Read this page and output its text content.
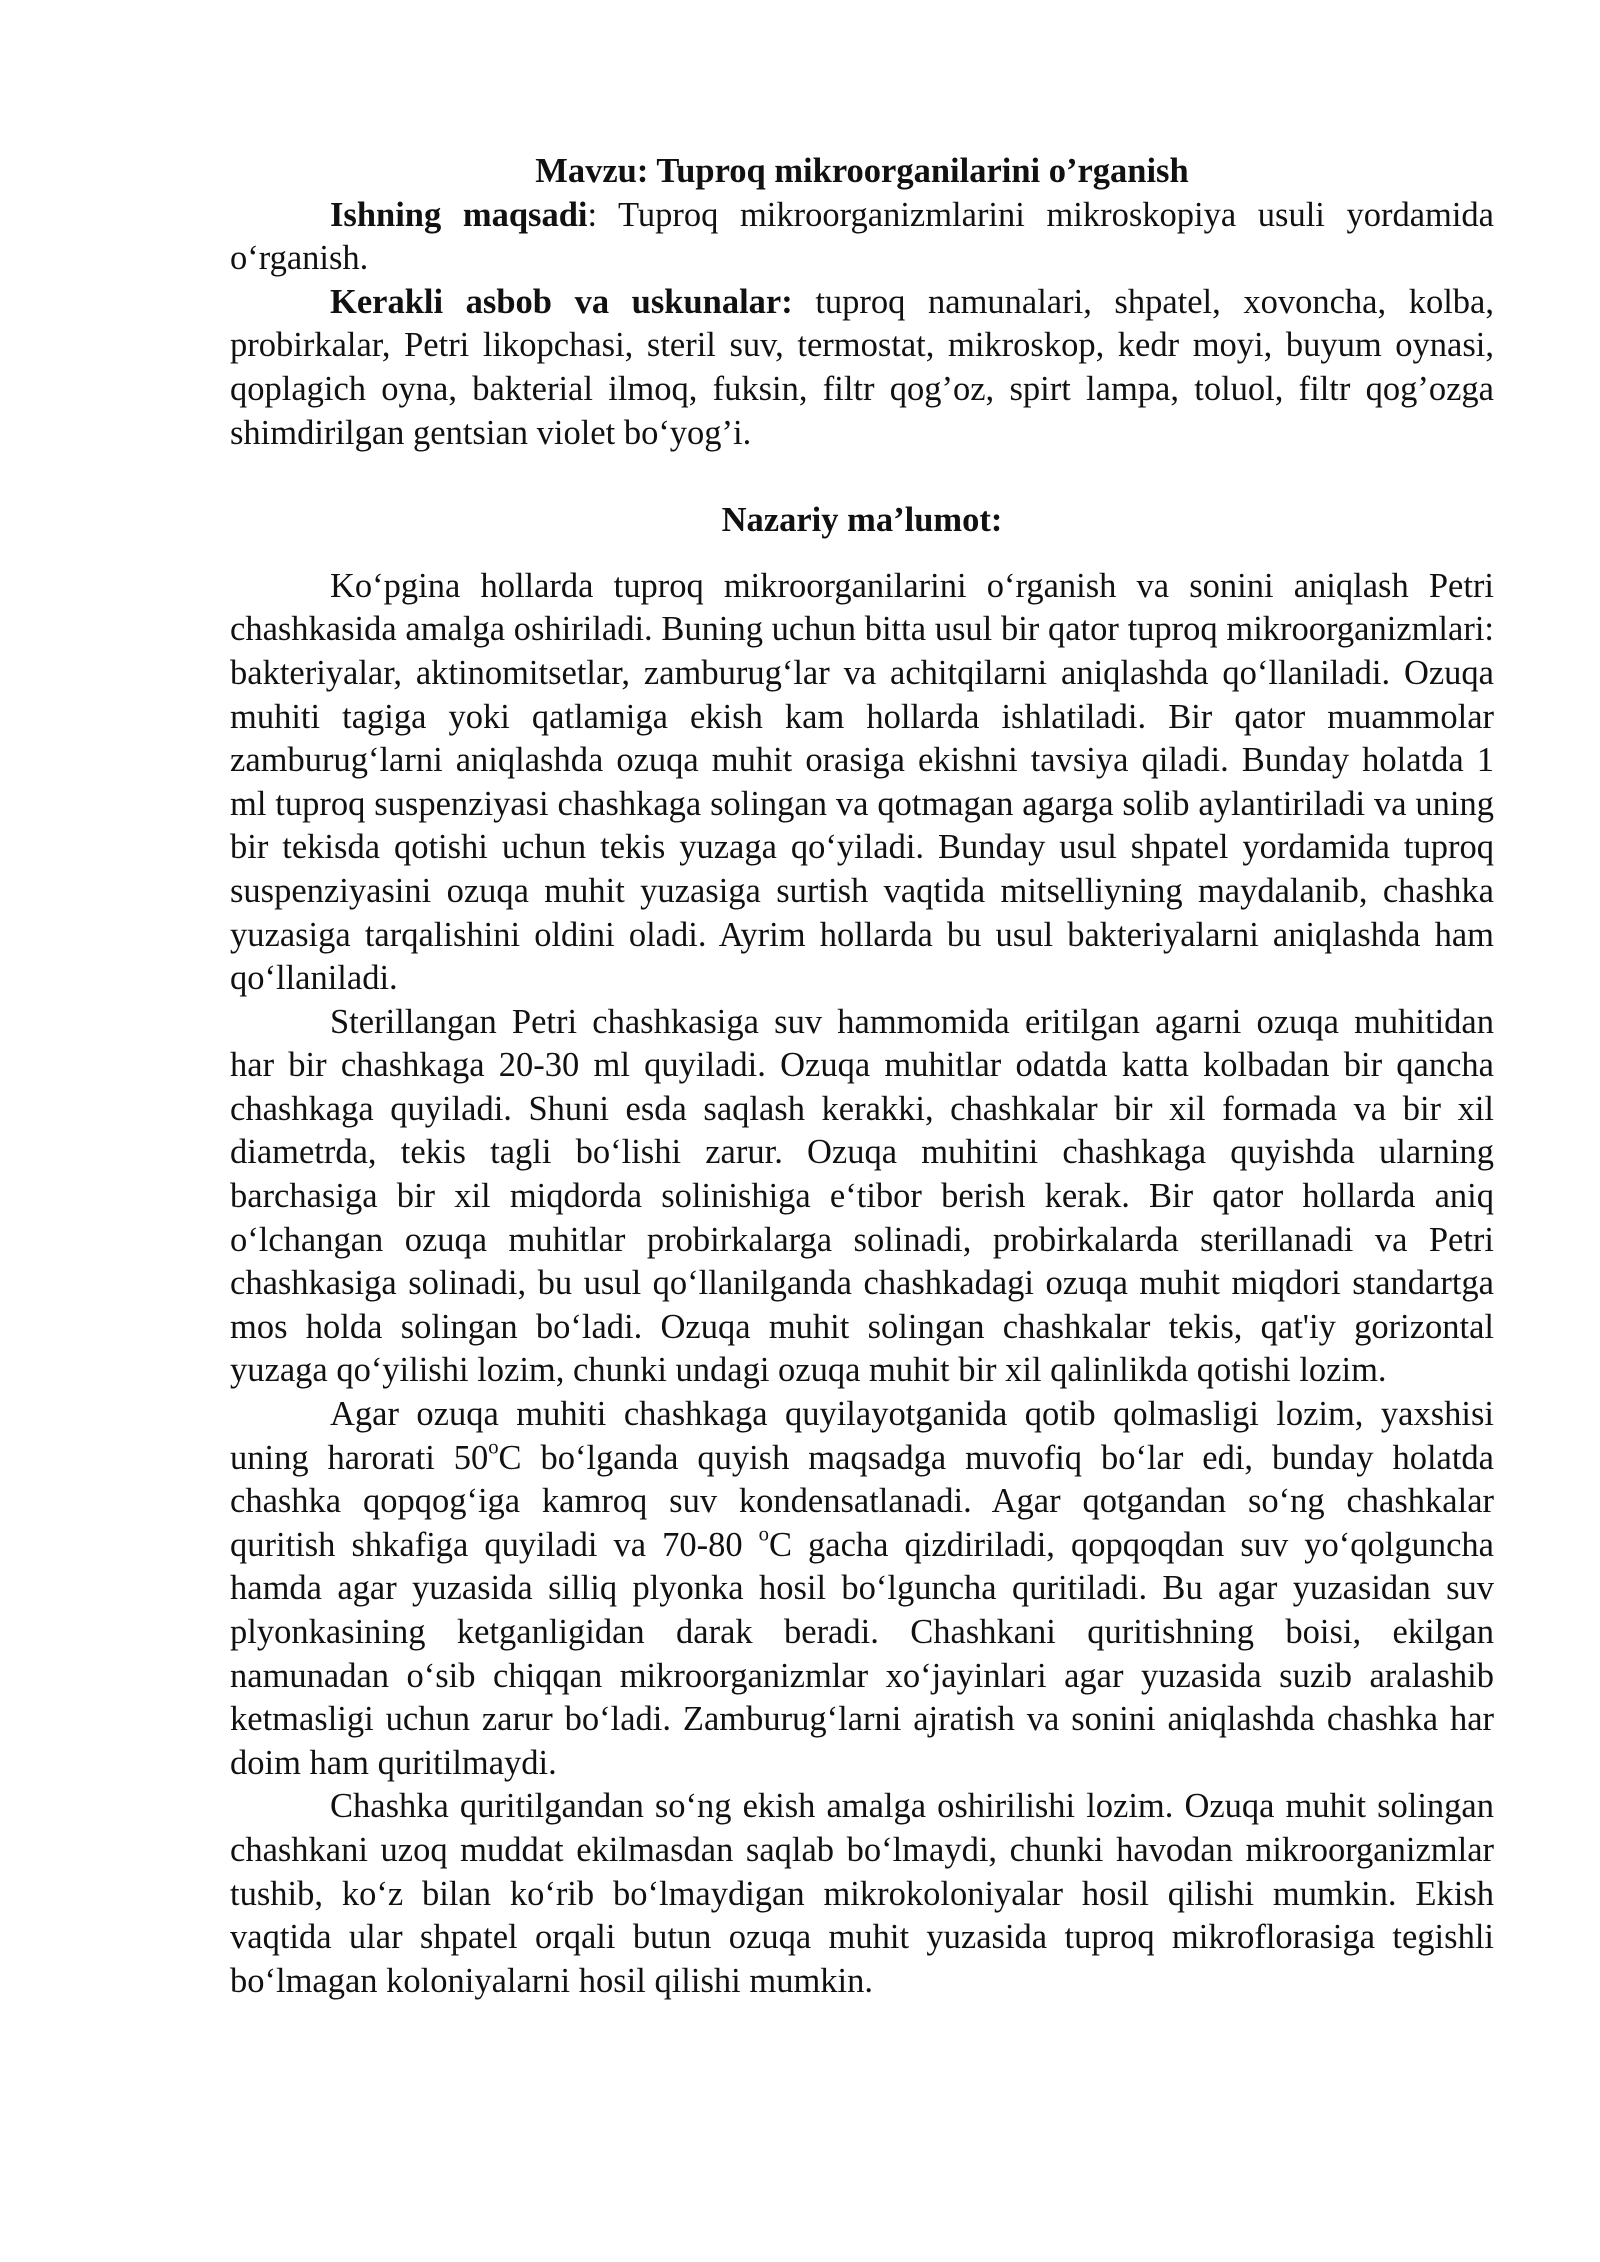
Mavzu: Tuproq mikroorganilarini o’rganish

Ishning maqsadi: Tuproq mikroorganizmlarini mikroskopiya usuli yordamida o‘rganish.

Kerakli asbob va uskunalar: tuproq namunalari, shpatel, xovoncha, kolba, probirkalar, Petri likopchasi, steril suv, termostat, mikroskop, kedr moyi, buyum oynasi, qoplagich oyna, bakterial ilmoq, fuksin, filtr qog’oz, spirt lampa, toluol, filtr qog’ozga shimdirilgan gentsian violet bo‘yog’i.

Nazariy ma’lumot:

Ko‘pgina hollarda tuproq mikroorganilarini o‘rganish va sonini aniqlash Petri chashkasida amalga oshiriladi. Buning uchun bitta usul bir qator tuproq mikroorganizmlari: bakteriyalar, aktinomitsetlar, zamburug‘lar va achitqilarni aniqlashda qo‘llaniladi. Ozuqa muhiti tagiga yoki qatlamiga ekish kam hollarda ishlatiladi. Bir qator muammolar zamburug‘larni aniqlashda ozuqa muhit orasiga ekishni tavsiya qiladi. Bunday holatda 1 ml tuproq suspenziyasi chashkaga solingan va qotmagan agarga solib aylantiriladi va uning bir tekisda qotishi uchun tekis yuzaga qo‘yiladi. Bunday usul shpatel yordamida tuproq suspenziyasini ozuqa muhit yuzasiga surtish vaqtida mitselliyning maydalanib, chashka yuzasiga tarqalishini oldini oladi. Ayrim hollarda bu usul bakteriyalarni aniqlashda ham qo‘llaniladi.

Sterillangan Petri chashkasiga suv hammomida eritilgan agarni ozuqa muhitidan har bir chashkaga 20-30 ml quyiladi. Ozuqa muhitlar odatda katta kolbadan bir qancha chashkaga quyiladi. Shuni esda saqlash kerakki, chashkalar bir xil formada va bir xil diametrda, tekis tagli bo‘lishi zarur. Ozuqa muhitini chashkaga quyishda ularning barchasiga bir xil miqdorda solinishiga e‘tibor berish kerak. Bir qator hollarda aniq o‘lchangan ozuqa muhitlar probirkalarga solinadi, probirkalarda sterillanadi va Petri chashkasiga solinadi, bu usul qo‘llanilganda chashkadagi ozuqa muhit miqdori standartga mos holda solingan bo‘ladi. Ozuqa muhit solingan chashkalar tekis, qat'iy gorizontal yuzaga qo‘yilishi lozim, chunki undagi ozuqa muhit bir xil qalinlikda qotishi lozim.

Agar ozuqa muhiti chashkaga quyilayotganida qotib qolmasligi lozim, yaxshisi uning harorati 50$^o$C bo‘lganda quyish maqsadga muvofiq bo‘lar edi, bunday holatda chashka qopqog‘iga kamroq suv kondensatlanadi. Agar qotgandan so‘ng chashkalar quritish shkafiga quyiladi va 70-80 $^o$C gacha qizdiriladi, qopqoqdan suv yo‘qolguncha hamda agar yuzasida silliq plyonka hosil bo‘lguncha quritiladi. Bu agar yuzasidan suv plyonkasining ketganligidan darak beradi. Chashkani quritishning boisi, ekilgan namunadan o‘sib chiqqan mikroorganizmlar xo‘jayinlari agar yuzasida suzib aralashib ketmasligi uchun zarur bo‘ladi. Zamburug‘larni ajratish va sonini aniqlashda chashka har doim ham quritilmaydi.

Chashka quritilgandan so‘ng ekish amalga oshirilishi lozim. Ozuqa muhit solingan chashkani uzoq muddat ekilmasdan saqlab bo‘lmaydi, chunki havodan mikroorganizmlar tushib, ko‘z bilan ko‘rib bo‘lmaydigan mikrokoloniyalar hosil qilishi mumkin. Ekish vaqtida ular shpatel orqali butun ozuqa muhit yuzasida tuproq mikroflorasiga tegishli bo‘lmagan koloniyalarni hosil qilishi mumkin.
